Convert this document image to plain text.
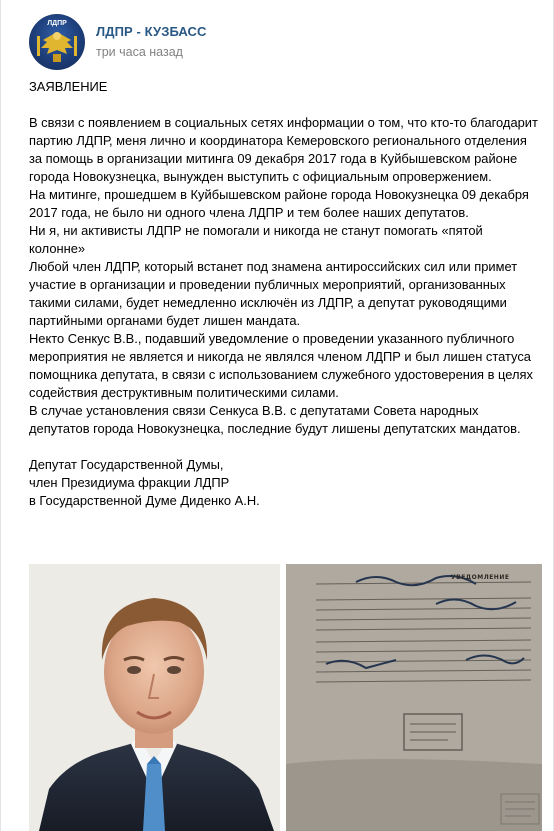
ЛДПР
ЛДПР - КУЗБАСС
три часа назад

ЗАЯВЛЕНИЕ

В связи с появлением в социальных сетях информации о том, что кто-то благодарит партию ЛДПР, меня лично и координатора Кемеровского регионального отделения за помощь в организации митинга 09 декабря 2017 года в Куйбышевском районе города Новокузнецка, вынужден выступить с официальным опровержением.

На митинге, прошедшем в Куйбышевском районе города Новокузнецка 09 декабря 2017 года, не было ни одного члена ЛДПР и тем более наших депутатов.

Ни я, ни активисты ЛДПР не помогали и никогда не станут помогать «пятой колонне»

Любой член ЛДПР, который встанет под знамена антироссийских сил или примет участие в организации и проведении публичных мероприятий, организованных такими силами, будет немедленно исключён из ЛДПР, а депутат руководящими партийными органами будет лишен мандата.

Некто Сенкус В.В., подавший уведомление о проведении указанного публичного мероприятия не является и никогда не являлся членом ЛДПР и был лишен статуса помощника депутата, в связи с использованием служебного удостоверения в целях содействия деструктивным политическими силами.

В случае установления связи Сенкуса В.В. с депутатами Совета народных депутатов города Новокузнецка, последние будут лишены депутатских мандатов.

Депутат Государственной Думы,

член Президиума фракции ЛДПР

в Государственной Думе Диденко А.Н.

УВЕДОМЛЕНИЕ
